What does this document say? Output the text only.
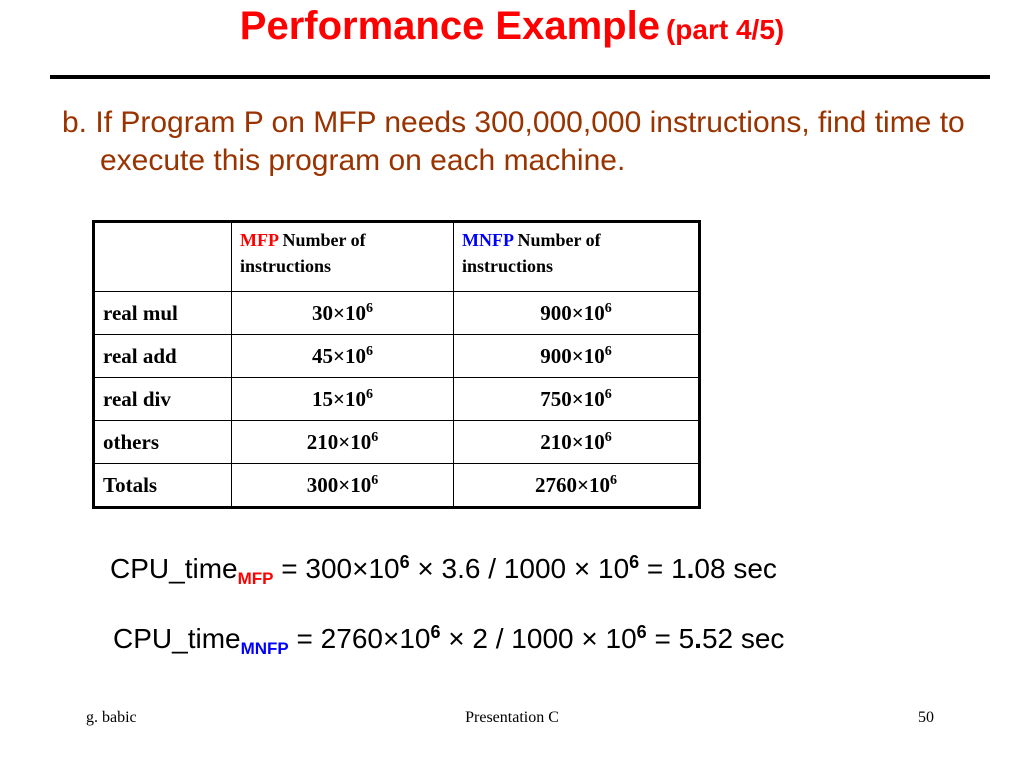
Performance Example (part 4/5)
b. If Program P on MFP needs 300,000,000 instructions, find time to execute this program on each machine.
	MFP Number of instructions	MNFP Number of instructions
real mul	$30\times 10^6$	$900\times 10^6$
real add	$45\times 10^6$	$900\times 10^6$
real div	$15\times 10^6$	$750\times 10^6$
others	$210\times 10^6$	$210\times 10^6$
Totals	$300\times 10^6$	$2760\times 10^6$
CPU_time$_{MFP}$ = $300\times 10^6 \times 3.6 / 1000 \times 10^6 = 1.08$ sec
CPU_time$_{MNFP}$ = $2760\times 10^6 \times 2 / 1000 \times 10^6 = 5.52$ sec
g. babic	Presentation C	50
